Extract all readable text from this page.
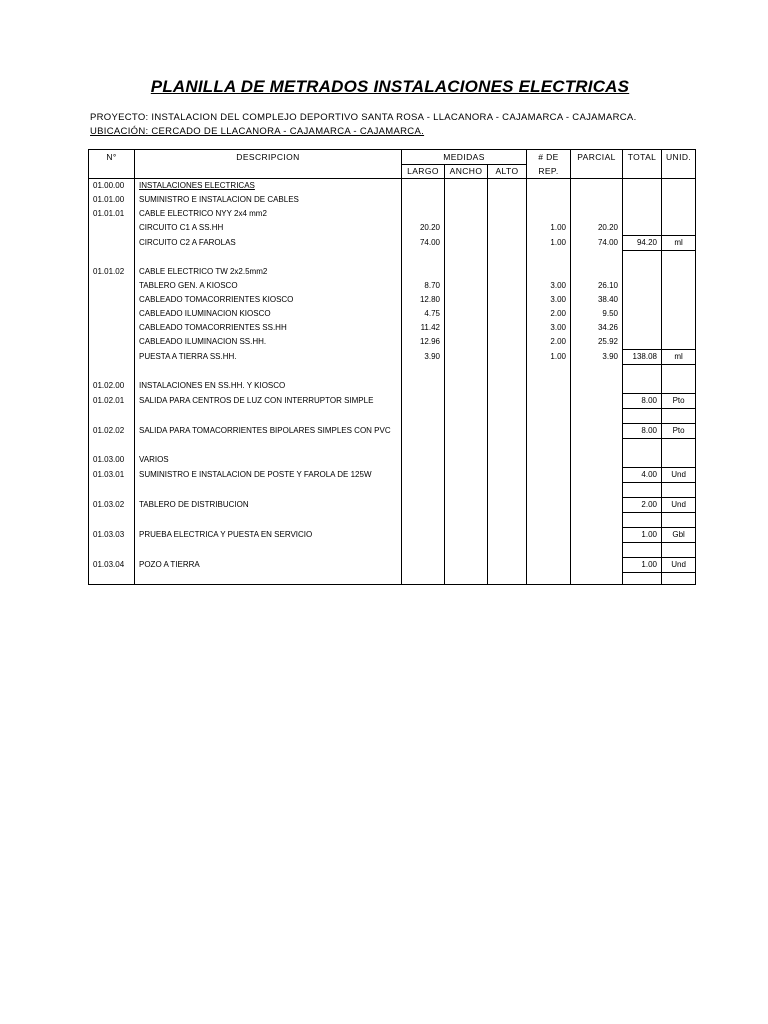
PLANILLA DE METRADOS INSTALACIONES ELECTRICAS
PROYECTO: INSTALACION DEL COMPLEJO DEPORTIVO SANTA ROSA - LLACANORA - CAJAMARCA - CAJAMARCA.
UBICACIÓN: CERCADO DE LLACANORA - CAJAMARCA - CAJAMARCA.
N°	DESCRIPCION	MEDIDAS			# DE	PARCIAL	TOTAL	UNID.
		LARGO	ANCHO	ALTO	REP.			
01.00.00	INSTALACIONES ELECTRICAS							
01.01.00	SUMINISTRO E INSTALACION DE CABLES							
01.01.01	CABLE ELECTRICO NYY 2x4 mm2							
	CIRCUITO C1 A SS.HH	20.20			1.00	20.20		
	CIRCUITO C2 A FAROLAS	74.00			1.00	74.00	94.20	ml

01.01.02	CABLE ELECTRICO TW 2x2.5mm2							
	TABLERO GEN. A KIOSCO	8.70			3.00	26.10		
	CABLEADO TOMACORRIENTES KIOSCO	12.80			3.00	38.40		
	CABLEADO ILUMINACION KIOSCO	4.75			2.00	9.50		
	CABLEADO TOMACORRIENTES SS.HH	11.42			3.00	34.26		
	CABLEADO ILUMINACION SS.HH.	12.96			2.00	25.92		
	PUESTA A TIERRA SS.HH.	3.90			1.00	3.90	138.08	ml

01.02.00	INSTALACIONES EN SS.HH. Y KIOSCO							
01.02.01	SALIDA PARA CENTROS DE LUZ CON INTERRUPTOR SIMPLE						8.00	Pto

01.02.02	SALIDA PARA TOMACORRIENTES BIPOLARES SIMPLES CON PVC						8.00	Pto

01.03.00	VARIOS							
01.03.01	SUMINISTRO E INSTALACION DE POSTE Y FAROLA DE 125W						4.00	Und

01.03.02	TABLERO DE DISTRIBUCION						2.00	Und

01.03.03	PRUEBA ELECTRICA Y PUESTA EN SERVICIO						1.00	Gbl

01.03.04	POZO A TIERRA						1.00	Und
